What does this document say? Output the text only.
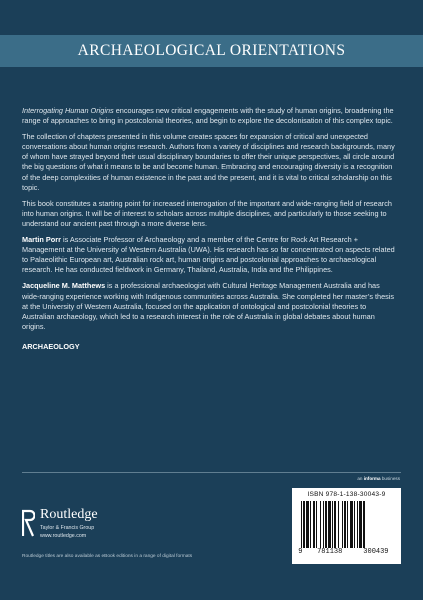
ARCHAEOLOGICAL ORIENTATIONS

Interrogating Human Origins encourages new critical engagements with the study of human origins, broadening the range of approaches to bring in postcolonial theories, and begin to explore the decolonisation of this complex topic.

The collection of chapters presented in this volume creates spaces for expansion of critical and unexpected conversations about human origins research. Authors from a variety of disciplines and research backgrounds, many of whom have strayed beyond their usual disciplinary boundaries to offer their unique perspectives, all circle around the big questions of what it means to be and become human. Embracing and encouraging diversity is a recognition of the deep complexities of human existence in the past and the present, and it is vital to critical scholarship on this topic.

This book constitutes a starting point for increased interrogation of the important and wide-ranging field of research into human origins. It will be of interest to scholars across multiple disciplines, and particularly to those seeking to understand our ancient past through a more diverse lens.

Martin Porr is Associate Professor of Archaeology and a member of the Centre for Rock Art Research + Management at the University of Western Australia (UWA). His research has so far concentrated on aspects related to Palaeolithic European art, Australian rock art, human origins and postcolonial approaches to archaeological research. He has conducted fieldwork in Germany, Thailand, Australia, India and the Philippines.

Jacqueline M. Matthews is a professional archaeologist with Cultural Heritage Management Australia and has wide-ranging experience working with Indigenous communities across Australia. She completed her master’s thesis at the University of Western Australia, focused on the application of ontological and postcolonial theories to Australian archaeology, which led to a research interest in the role of Australia in global debates about human origins.

ARCHAEOLOGY
an informa business
Routledge
Taylor & Francis Group
www.routledge.com
Routledge titles are also available as eBook editions in a range of digital formats
ISBN 978-1-138-30043-9
9	781138	300439
